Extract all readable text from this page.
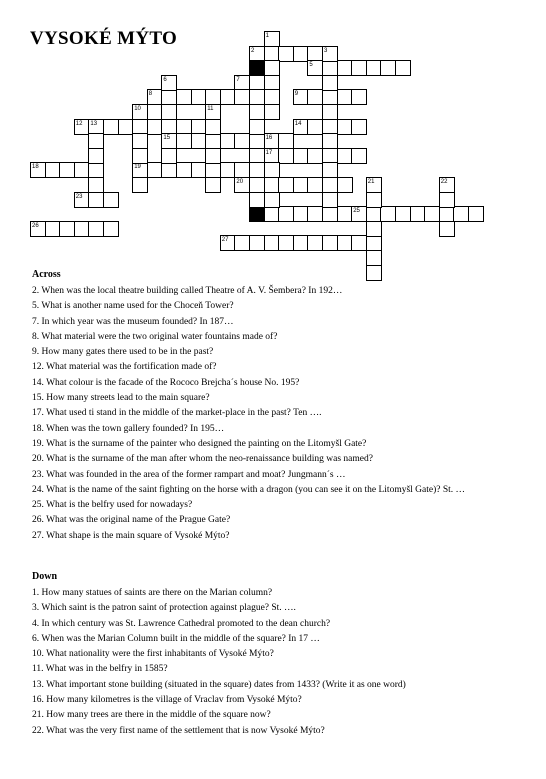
VYSOKÉ MÝTO
2
5
7
8	9
12 13	14
15	16
17
18	19
20
23
24	25
26
27
1
3
4
6
10	11
21	22
Across
2. When was the local theatre building called Theatre of A. V. Šembera? In 192…
5. What is another name used for the Choceň Tower?
7. In which year was the museum founded? In 187…
8. What material were the two original water fountains made of?
9. How many gates there used to be in the past?
12. What material was the fortification made of?
14. What colour is the facade of the Rococo Brejcha´s house No. 195?
15. How many streets lead to the main square?
17. What used ti stand in the middle of the market-place in the past? Ten ….
18. When was the town gallery founded? In 195…
19. What is the surname of the painter who designed the painting on the Litomyšl Gate?
20. What is the surname of the man after whom the neo-renaissance building was named?
23. What was founded in the area of the former rampart and moat? Jungmann´s …
24. What is the name of the saint fighting on the horse with a dragon (you can see it on the Litomyšl Gate)? St. …
25. What is the belfry used for nowadays?
26. What was the original name of the Prague Gate?
27. What shape is the main square of Vysoké Mýto?
Down
1. How many statues of saints are there on the Marian column?
3. Which saint is the patron saint of protection against plague? St. ….
4. In which century was St. Lawrence Cathedral promoted to the dean church?
6. When was the Marian Column built in the middle of the square? In 17 …
10. What nationality were the first inhabitants of Vysoké Mýto?
11. What was in the belfry in 1585?
13. What important stone building (situated in the square) dates from 1433? (Write it as one word)
16. How many kilometres is the village of Vraclav from Vysoké Mýto?
21. How many trees are there in the middle of the square now?
22. What was the very first name of the settlement that is now Vysoké Mýto?
